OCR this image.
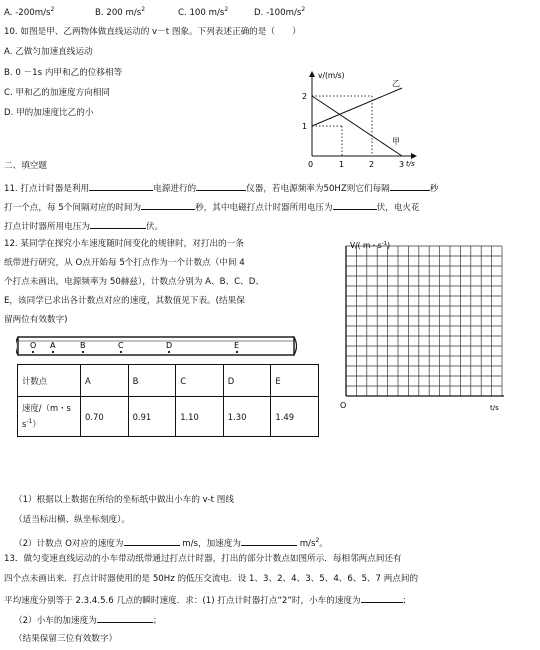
A. $-200m/s^2$	B. 200 $m/s^2$	C. 100 $m/s^2$	D. $-100m/s^2$
10. 如图是甲、乙两物体做直线运动的 v－t 图象。下列表述正确的是（　　）
A. 乙做匀加速直线运动
B. 0 －1s 内甲和乙的位移相等
C. 甲和乙的加速度方向相同
D. 甲的加速度比乙的小
v/(m/s)
2
1
0	1	2	3 t/s
乙
甲
二、填空题
11. 打点计时器是利用	电源进行的	仪器，若电源频率为50HZ则它们每隔	秒
打一个点，每 5个间隔对应的时间为	秒，其中电磁打点计时器所用电压为	伏，电火花
打点计时器所用电压为	伏。
12. 某同学在探究小车速度随时间变化的规律时，对打出的一条
纸带进行研究，从 O点开始每 5个打点作为一个计数点（中间 4
个打点未画出，电源频率为 50赫兹），计数点分别为 A、B、C、D、
E，该同学已求出各计数点对应的速度，其数值见下表。(结果保
留两位有效数字)
O A	B	C	D	E
计数点	A	B	C	D	E
速度/（m・s
$s^{-1}$）	0.70	0.91	1.10	1.30	1.49
V/( m・$s^{-1}$)
O	t/s
（1）根据以上数据在所给的坐标纸中做出小车的 v-t 图线
（适当标出横、纵坐标刻度）。
（2）计数点 O对应的速度为	m/s，加速度为	$m/s^2$。
13．做匀变速直线运动的小车带动纸带通过打点计时器，打出的部分计数点如图所示．每相邻两点间还有
四个点未画出来．打点计时器使用的是 50Hz 的低压交流电．设 1、3、2、4、3、5、4、6、5、7 两点间的
平均速度分别等于 2.3.4.5.6 几点的瞬时速度．求：(1) 打点计时器打点“2”时，小车的速度为	；
（2）小车的加速度为	；
（结果保留三位有效数字）
